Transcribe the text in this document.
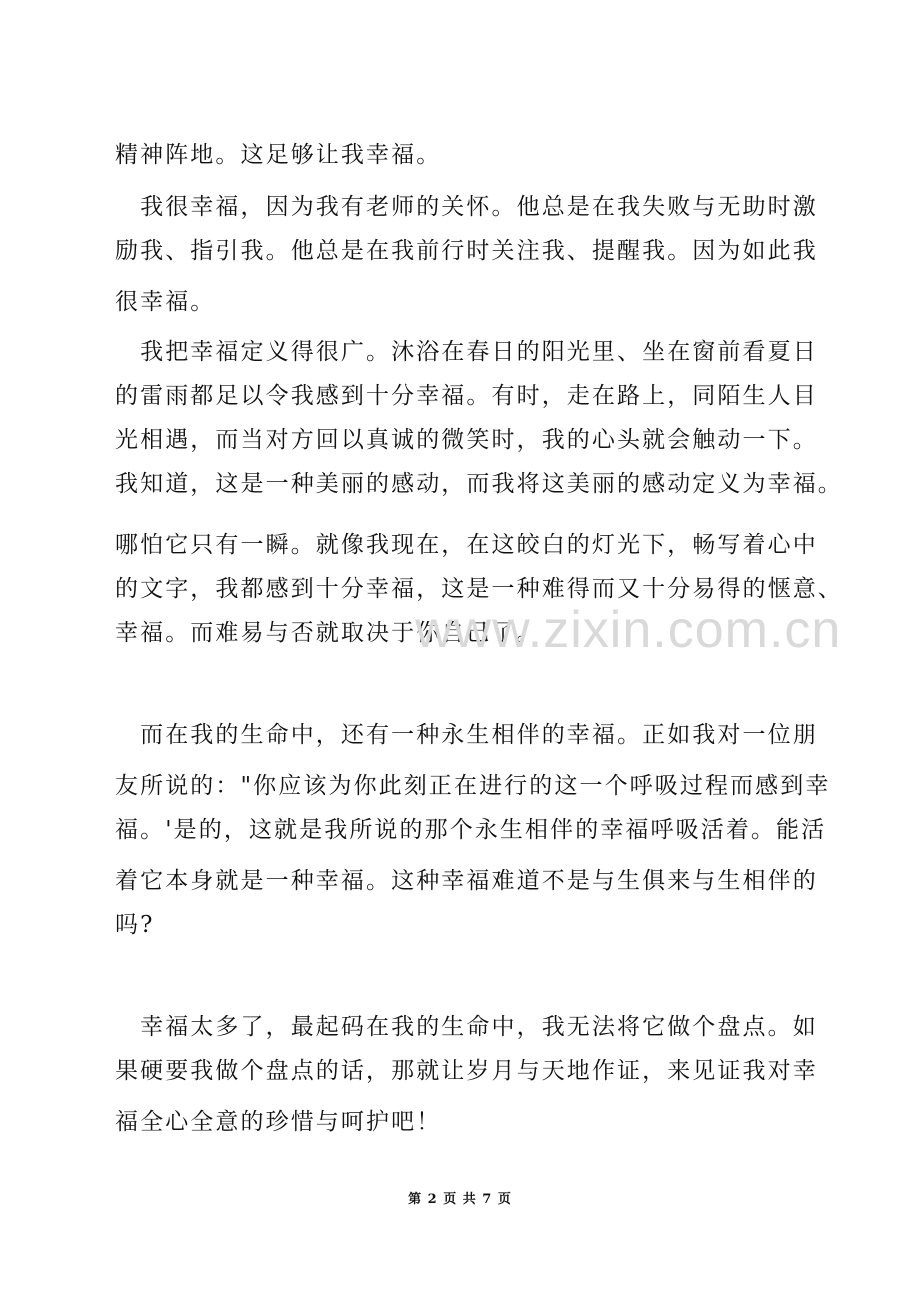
精神阵地。这足够让我幸福。
　我很幸福，因为我有老师的关怀。他总是在我失败与无助时激
励我、指引我。他总是在我前行时关注我、提醒我。因为如此我
很幸福。
　我把幸福定义得很广。沐浴在春日的阳光里、坐在窗前看夏日
的雷雨都足以令我感到十分幸福。有时，走在路上，同陌生人目
光相遇，而当对方回以真诚的微笑时，我的心头就会触动一下。
我知道，这是一种美丽的感动，而我将这美丽的感动定义为幸福。
哪怕它只有一瞬。就像我现在，在这皎白的灯光下，畅写着心中
的文字，我都感到十分幸福，这是一种难得而又十分易得的惬意、
幸福。而难易与否就取决于你自己了。
　而在我的生命中，还有一种永生相伴的幸福。正如我对一位朋
友所说的："你应该为你此刻正在进行的这一个呼吸过程而感到幸
福。'是的，这就是我所说的那个永生相伴的幸福呼吸活着。能活
着它本身就是一种幸福。这种幸福难道不是与生俱来与生相伴的
吗?
　幸福太多了，最起码在我的生命中，我无法将它做个盘点。如
果硬要我做个盘点的话，那就让岁月与天地作证，来见证我对幸
福全心全意的珍惜与呵护吧！
www.zixin.com.cn
第 2 页 共 7 页
